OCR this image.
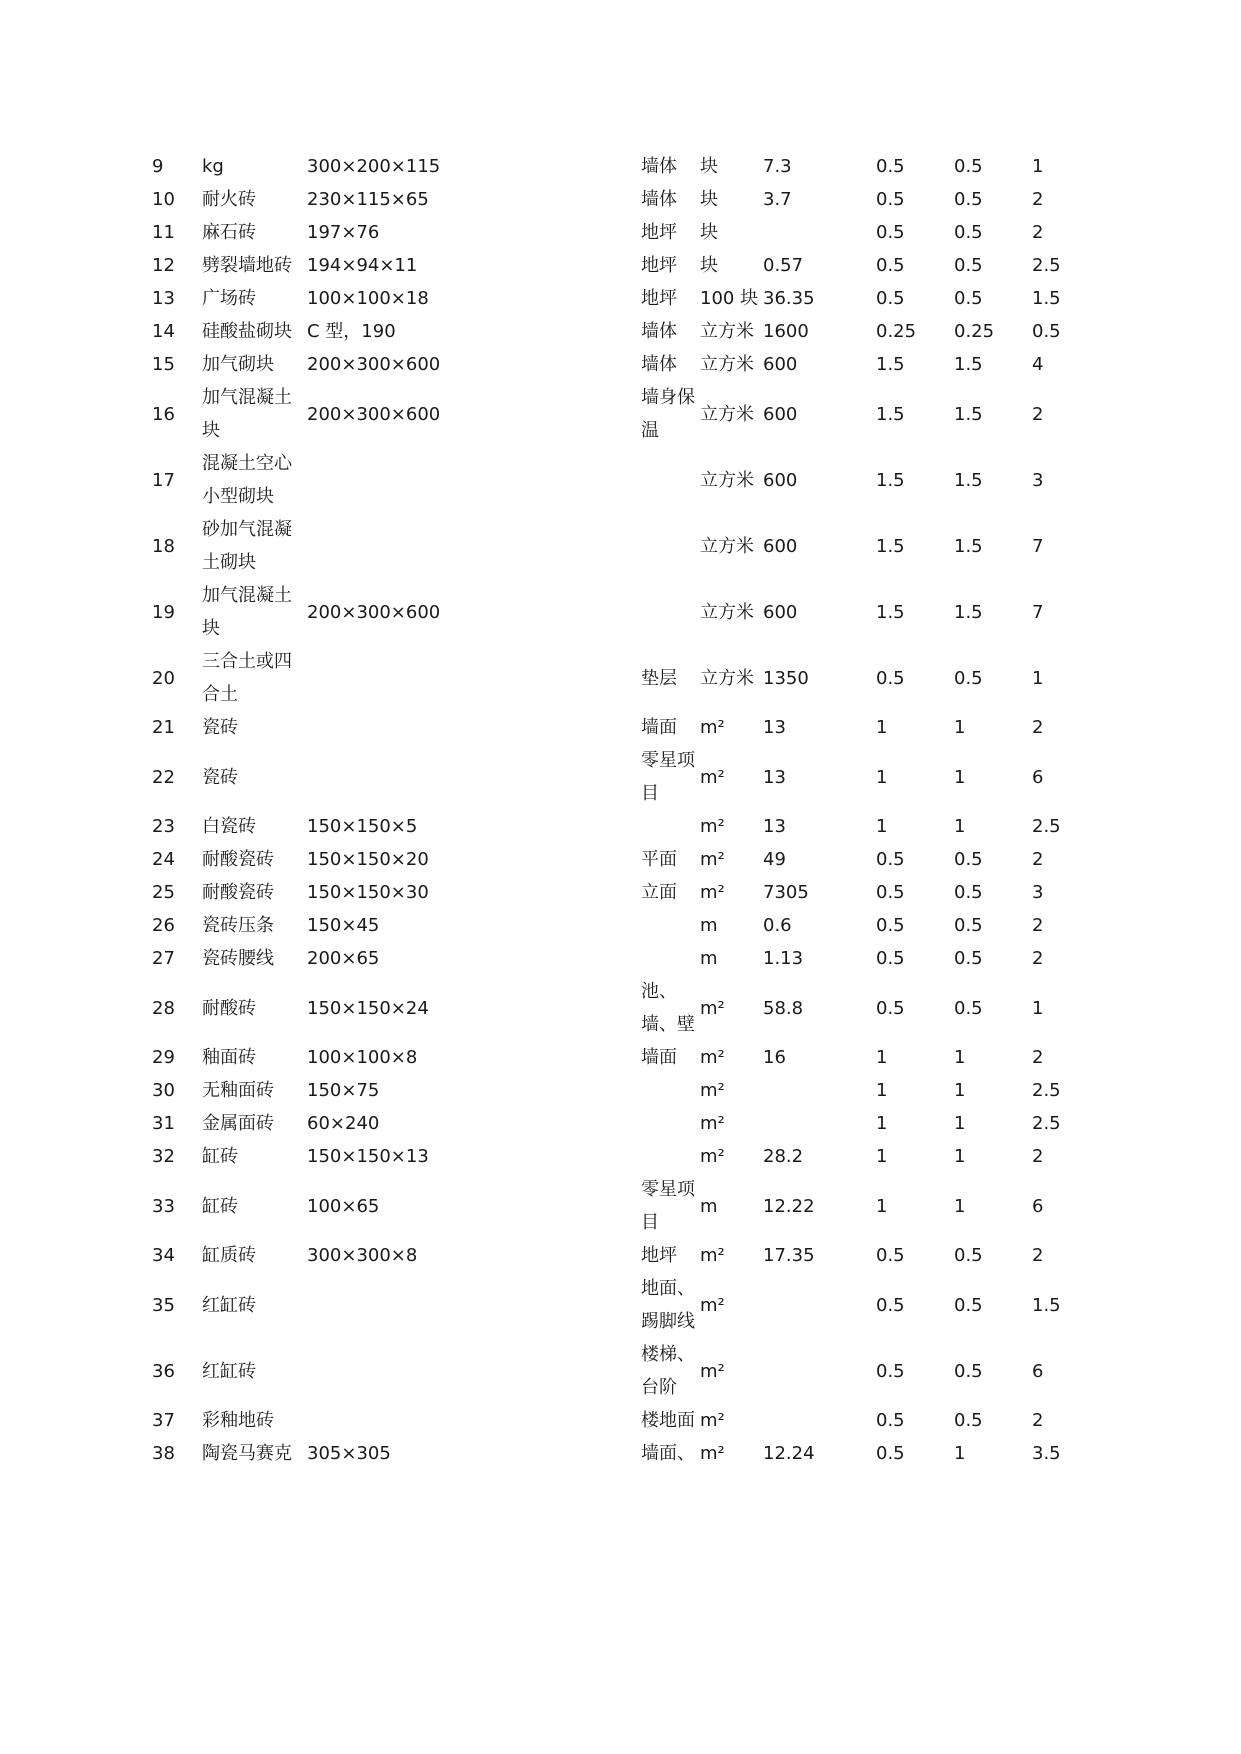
9	kg	300×200×115	墙体	块	7.3	0.5	0.5	1
10	耐火砖	230×115×65	墙体	块	3.7	0.5	0.5	2
11	麻石砖	197×76	地坪	块		0.5	0.5	2
12	劈裂墙地砖	194×94×11	地坪	块	0.57	0.5	0.5	2.5
13	广场砖	100×100×18	地坪	100 块	36.35	0.5	0.5	1.5
14	硅酸盐砌块	C 型，190	墙体	立方米	1600	0.25	0.25	0.5
15	加气砌块	200×300×600	墙体	立方米	600	1.5	1.5	4
16	加气混凝土块	200×300×600	墙身保温	立方米	600	1.5	1.5	2
17	混凝土空心小型砌块			立方米	600	1.5	1.5	3
18	砂加气混凝土砌块			立方米	600	1.5	1.5	7
19	加气混凝土块	200×300×600		立方米	600	1.5	1.5	7
20	三合土或四合土		垫层	立方米	1350	0.5	0.5	1
21	瓷砖		墙面	m²	13	1	1	2
22	瓷砖		零星项目	m²	13	1	1	6
23	白瓷砖	150×150×5		m²	13	1	1	2.5
24	耐酸瓷砖	150×150×20	平面	m²	49	0.5	0.5	2
25	耐酸瓷砖	150×150×30	立面	m²	7305	0.5	0.5	3
26	瓷砖压条	150×45		m	0.6	0.5	0.5	2
27	瓷砖腰线	200×65		m	1.13	0.5	0.5	2
28	耐酸砖	150×150×24	池、墙、壁	m²	58.8	0.5	0.5	1
29	釉面砖	100×100×8	墙面	m²	16	1	1	2
30	无釉面砖	150×75		m²		1	1	2.5
31	金属面砖	60×240		m²		1	1	2.5
32	缸砖	150×150×13		m²	28.2	1	1	2
33	缸砖	100×65	零星项目	m	12.22	1	1	6
34	缸质砖	300×300×8	地坪	m²	17.35	0.5	0.5	2
35	红缸砖		地面、踢脚线	m²		0.5	0.5	1.5
36	红缸砖		楼梯、台阶	m²		0.5	0.5	6
37	彩釉地砖		楼地面	m²		0.5	0.5	2
38	陶瓷马赛克	305×305	墙面、	m²	12.24	0.5	1	3.5
